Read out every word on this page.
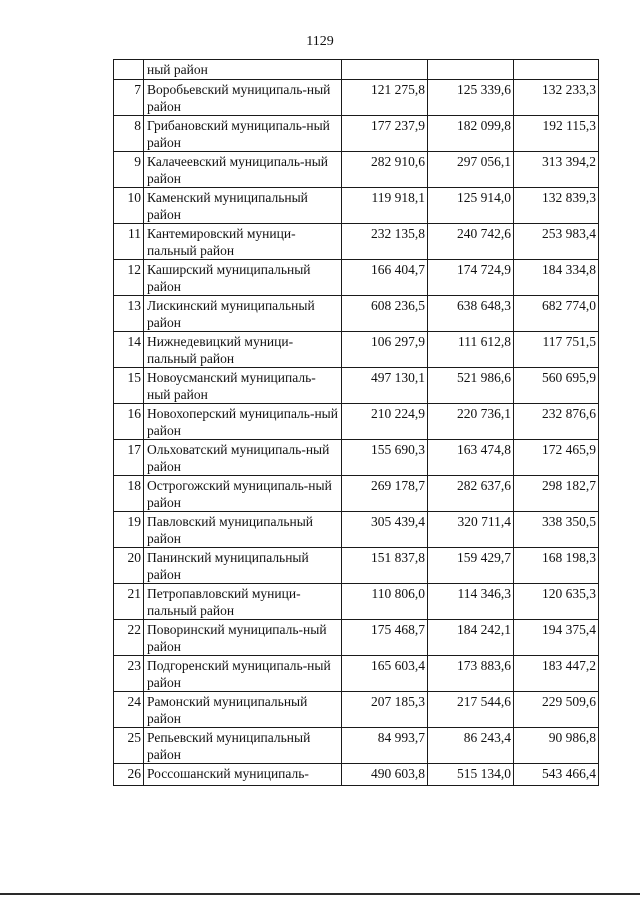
1129
	ный район			
7	Воробьевский муниципаль-ный район	121 275,8	125 339,6	132 233,3
8	Грибановский муниципаль-ный район	177 237,9	182 099,8	192 115,3
9	Калачеевский муниципаль-ный район	282 910,6	297 056,1	313 394,2
10	Каменский муниципальный район	119 918,1	125 914,0	132 839,3
11	Кантемировский муници-пальный район	232 135,8	240 742,6	253 983,4
12	Каширский муниципальный район	166 404,7	174 724,9	184 334,8
13	Лискинский муниципальный район	608 236,5	638 648,3	682 774,0
14	Нижнедевицкий муници-пальный район	106 297,9	111 612,8	117 751,5
15	Новоусманский муниципаль-ный район	497 130,1	521 986,6	560 695,9
16	Новохоперский муниципаль-ный район	210 224,9	220 736,1	232 876,6
17	Ольховатский муниципаль-ный район	155 690,3	163 474,8	172 465,9
18	Острогожский муниципаль-ный район	269 178,7	282 637,6	298 182,7
19	Павловский муниципальный район	305 439,4	320 711,4	338 350,5
20	Панинский муниципальный район	151 837,8	159 429,7	168 198,3
21	Петропавловский муници-пальный район	110 806,0	114 346,3	120 635,3
22	Поворинский муниципаль-ный район	175 468,7	184 242,1	194 375,4
23	Подгоренский муниципаль-ный район	165 603,4	173 883,6	183 447,2
24	Рамонский муниципальный район	207 185,3	217 544,6	229 509,6
25	Репьевский муниципальный район	84 993,7	86 243,4	90 986,8
26	Россошанский муниципаль-	490 603,8	515 134,0	543 466,4
